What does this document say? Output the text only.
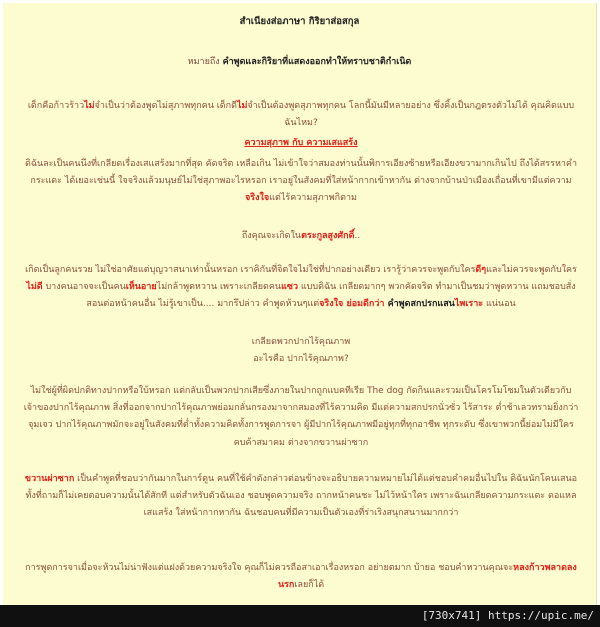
สำเนียงส่อภาษา กิริยาส่อสกุล
หมายถึง คำพูดและกิริยาที่แสดงออกทำให้ทราบชาติกำเนิด
เด็กคือก้าวร้าวไม่จำเป็นว่าต้องพูดไม่สุภาพทุกคน เด็กดีไม่จำเป็นต้องพูดสุภาพทุกคน โลกนี้มันมีหลายอย่าง ซึ่งคิ้งเป็นกฎตรงตัวไม่ได้ คุณคิดแบบฉันไหม?
ความสุภาพ กับ ความเสแสร้ง
ดิฉันละเป็นคนนึงที่เกลียดเรื่องเสแสร้งมากที่สุด คัดจริต เหลือเกิน ไม่เข้าใจว่าสมองท่านนั้นพิการเอียงซ้ายหรือเอียงขวามากเกินไป ถึงได้สรรหาคำกระแดะ ได้เยอะเช่นนี้ ใจจริงแล้วมนุษย์ไม่ใช่สุภาพอะไรหรอก เราอยู่ในสังคมที่ใส่หน้ากากเข้าหากัน ต่างจากบ้านป่าเมืองเถื่อนที่เขามีแต่ความจริงใจแต่ไร้ความสุภาพกิตาม
ถึงคุณจะเกิดในตระกูลสูงศักดิ์..
เกิดเป็นลูกคนรวย ไม่ใช่อาศัยแต่บุญวาสนาเท่านั้นหรอก เราคิกันที่จิตใจไม่ใช่ที่ปากอย่างเดียว เรารู้ว่าควรจะพูดกับใครดีๆและไม่ควรจะพูดกับใครไม่ดี บางคนอาจจะเป็นคนเห็นอายไม่กล้าพูดหวาน เพราะเกลียดคนแซว แบบดิฉัน เกลียดมากๆ พวกคัดจริต ทำมาเป็นชมว่าพูดหวาน แถมชอบสั่งสอนต่อหน้าคนอื่น ไม่รู้เขาเป็น.... มากรึปล่าว คำพูดห้วนๆแต่จริงใจ ย่อมดีกว่า คำพูดสกปรกแสนไพเราะ แน่นอน
เกลียดพวกปากไร้คุณภาพ
อะไรคือ ปากไร้คุณภาพ?
ไม่ใช่ผู้ที่ผิดปกติทางปากหรือใบ้หรอก แต่กลับเป็นพวกปากเสียซึ่งภายในปากถูกแบคทีเรีย The dog กัดกินและรวมเป็นโครโมโซมในตัวเดียวกับเจ้าของปากไร้คุณภาพ สิ่งที่ออกจากปากไร้คุณภาพย่อมกลั่นกรองมาจากสมองที่ไร้ความคิด มีแต่ความสกปรกนั่วซั่ว ไร้สาระ ต่ำช้าเลวทรามยิ่งกว่าจุมเจว ปากไร้คุณภาพมักจะอยู่ในสังคมที่ต่ำทั้งความคิดทั้งการพูดการจา ผู้มีปากไร้คุณภาพมีอยู่ทุกที่ทุกอาชีพ ทุกระดับ ซึ่งเขาพวกนี้ย่อมไม่มีใครคบค้าสมาคม ต่างจากขวานผ่าซาก
ขวานผ่าซาก เป็นคำพูดที่ชอบว่ากันมากในการ์ตูน คนที่ใช้คำดังกล่าวต่อนข้างจะอธิบายความหมายไม่ได้แต่ชอบคำคมอื่นไปใน ดิฉันนักโคนเสนอ ทั้งที่ถามก็ไม่เคยตอบความนั้นได้สักที แต่สำหรับตัวฉันเอง ชอบพูดความจริง ถากหน้าคนชะ ไม่ไว้หน้าใคร เพราะฉันเกลียดความกระแดะ ดอแหล เสแสร้ง ใส่หน้ากากหากัน ฉันชอบคนที่มีความเป็นตัวเองที่ร่าเริงสนุกสนานมากกว่า
การพูดการจาเมื่อจะห้วนไม่น่าฟังแต่แฝงด้วยความจริงใจ คุณก็ไม่ควรถือสาเอาเรื่องหรอก อย่ายตมาก บ้ายอ ชอบคำหวานคุณจะหลงก้าวพลาดลงนรกเลยก็ได้
[730x741] https://upic.me/
